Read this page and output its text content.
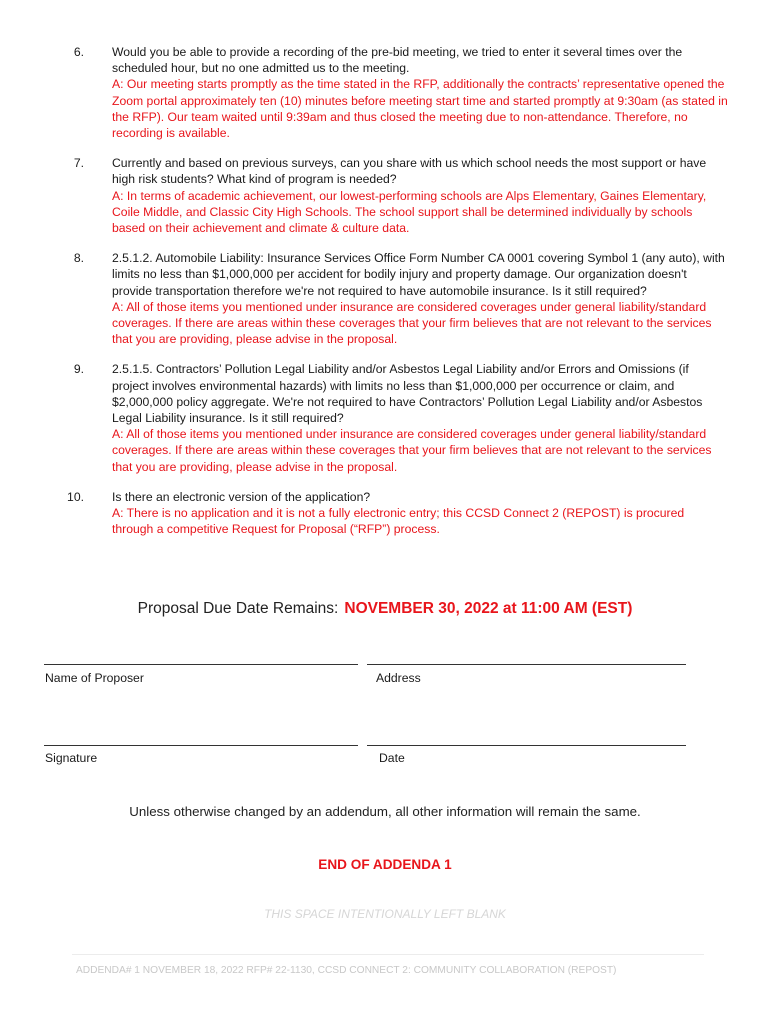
6. Would you be able to provide a recording of the pre-bid meeting, we tried to enter it several times over the scheduled hour, but no one admitted us to the meeting.
A: Our meeting starts promptly as the time stated in the RFP, additionally the contracts’ representative opened the Zoom portal approximately ten (10) minutes before meeting start time and started promptly at 9:30am (as stated in the RFP). Our team waited until 9:39am and thus closed the meeting due to non-attendance. Therefore, no recording is available.
7. Currently and based on previous surveys, can you share with us which school needs the most support or have high risk students? What kind of program is needed?
A: In terms of academic achievement, our lowest-performing schools are Alps Elementary, Gaines Elementary, Coile Middle, and Classic City High Schools. The school support shall be determined individually by schools based on their achievement and climate & culture data.
8. 2.5.1.2. Automobile Liability: Insurance Services Office Form Number CA 0001 covering Symbol 1 (any auto), with limits no less than $1,000,000 per accident for bodily injury and property damage. Our organization doesn't provide transportation therefore we're not required to have automobile insurance. Is it still required?
A: All of those items you mentioned under insurance are considered coverages under general liability/standard coverages. If there are areas within these coverages that your firm believes that are not relevant to the services that you are providing, please advise in the proposal.
9. 2.5.1.5. Contractors’ Pollution Legal Liability and/or Asbestos Legal Liability and/or Errors and Omissions (if project involves environmental hazards) with limits no less than $1,000,000 per occurrence or claim, and $2,000,000 policy aggregate. We're not required to have Contractors’ Pollution Legal Liability and/or Asbestos Legal Liability insurance. Is it still required?
A: All of those items you mentioned under insurance are considered coverages under general liability/standard coverages. If there are areas within these coverages that your firm believes that are not relevant to the services that you are providing, please advise in the proposal.
10. Is there an electronic version of the application?
A: There is no application and it is not a fully electronic entry; this CCSD Connect 2 (REPOST) is procured through a competitive Request for Proposal (“RFP”) process.
Proposal Due Date Remains: NOVEMBER 30, 2022 at 11:00 AM (EST)
Name of Proposer	Address
Signature	Date
Unless otherwise changed by an addendum, all other information will remain the same.
END OF ADDENDA 1
THIS SPACE INTENTIONALLY LEFT BLANK
ADDENDA# 1 NOVEMBER 18, 2022 RFP# 22-1130, CCSD CONNECT 2: COMMUNITY COLLABORATION (REPOST)
